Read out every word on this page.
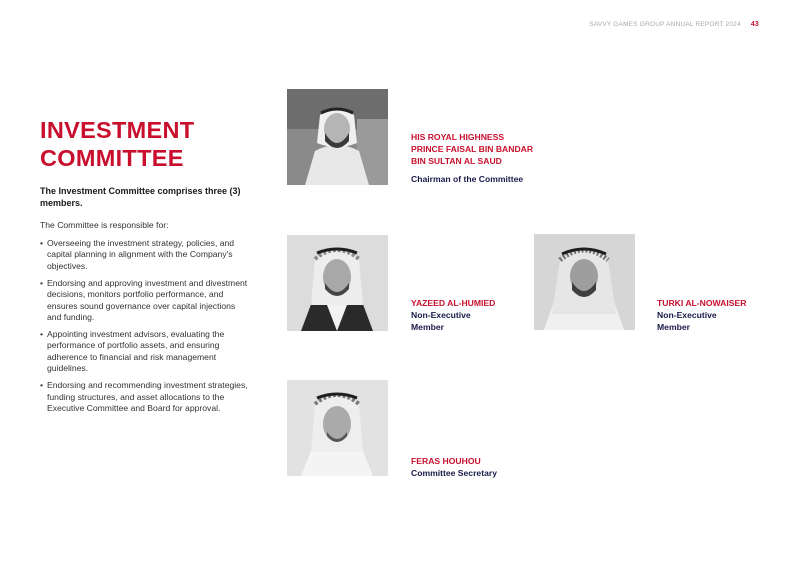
SAVVY GAMES GROUP ANNUAL REPORT 2024 43
INVESTMENT
COMMITTEE

The Investment Committee comprises three (3) members.

The Committee is responsible for:

• Overseeing the investment strategy, policies, and capital planning in alignment with the Company's objectives.
• Endorsing and approving investment and divestment decisions, monitors portfolio performance, and ensures sound governance over capital injections and funding.
• Appointing investment advisors, evaluating the performance of portfolio assets, and ensuring adherence to financial and risk management guidelines.
• Endorsing and recommending investment strategies, funding structures, and asset allocations to the Executive Committee and Board for approval.
HIS ROYAL HIGHNESS
PRINCE FAISAL BIN BANDAR
BIN SULTAN AL SAUD
Chairman of the Committee
YAZEED AL-HUMIED
Non-Executive
Member
TURKI AL-NOWAISER
Non-Executive
Member
FERAS HOUHOU
Committee Secretary
